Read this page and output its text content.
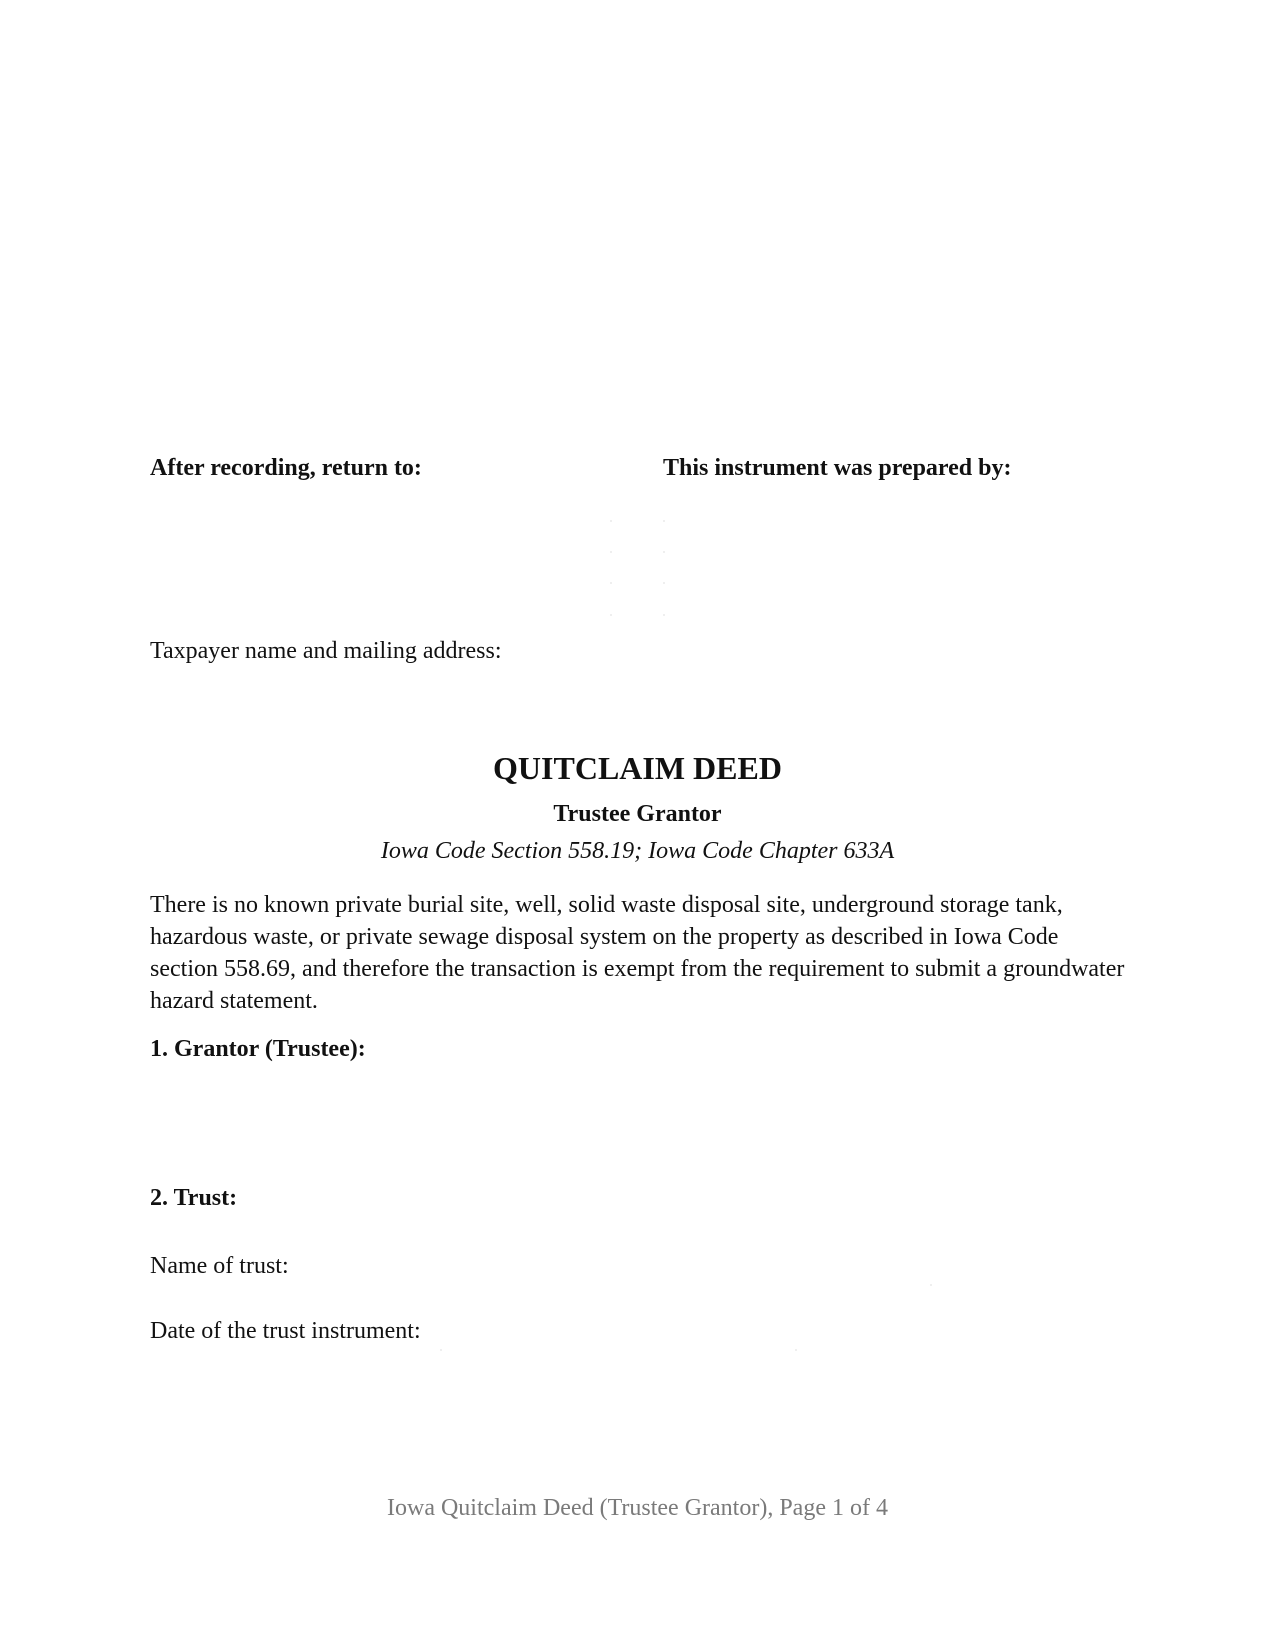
After recording, return to:	This instrument was prepared by:
Taxpayer name and mailing address:
QUITCLAIM DEED
Trustee Grantor
Iowa Code Section 558.19; Iowa Code Chapter 633A
There is no known private burial site, well, solid waste disposal site, underground storage tank, hazardous waste, or private sewage disposal system on the property as described in Iowa Code section 558.69, and therefore the transaction is exempt from the requirement to submit a groundwater hazard statement.
1. Grantor (Trustee):
2. Trust:
Name of trust:
Date of the trust instrument:
Iowa Quitclaim Deed (Trustee Grantor), Page 1 of 4
